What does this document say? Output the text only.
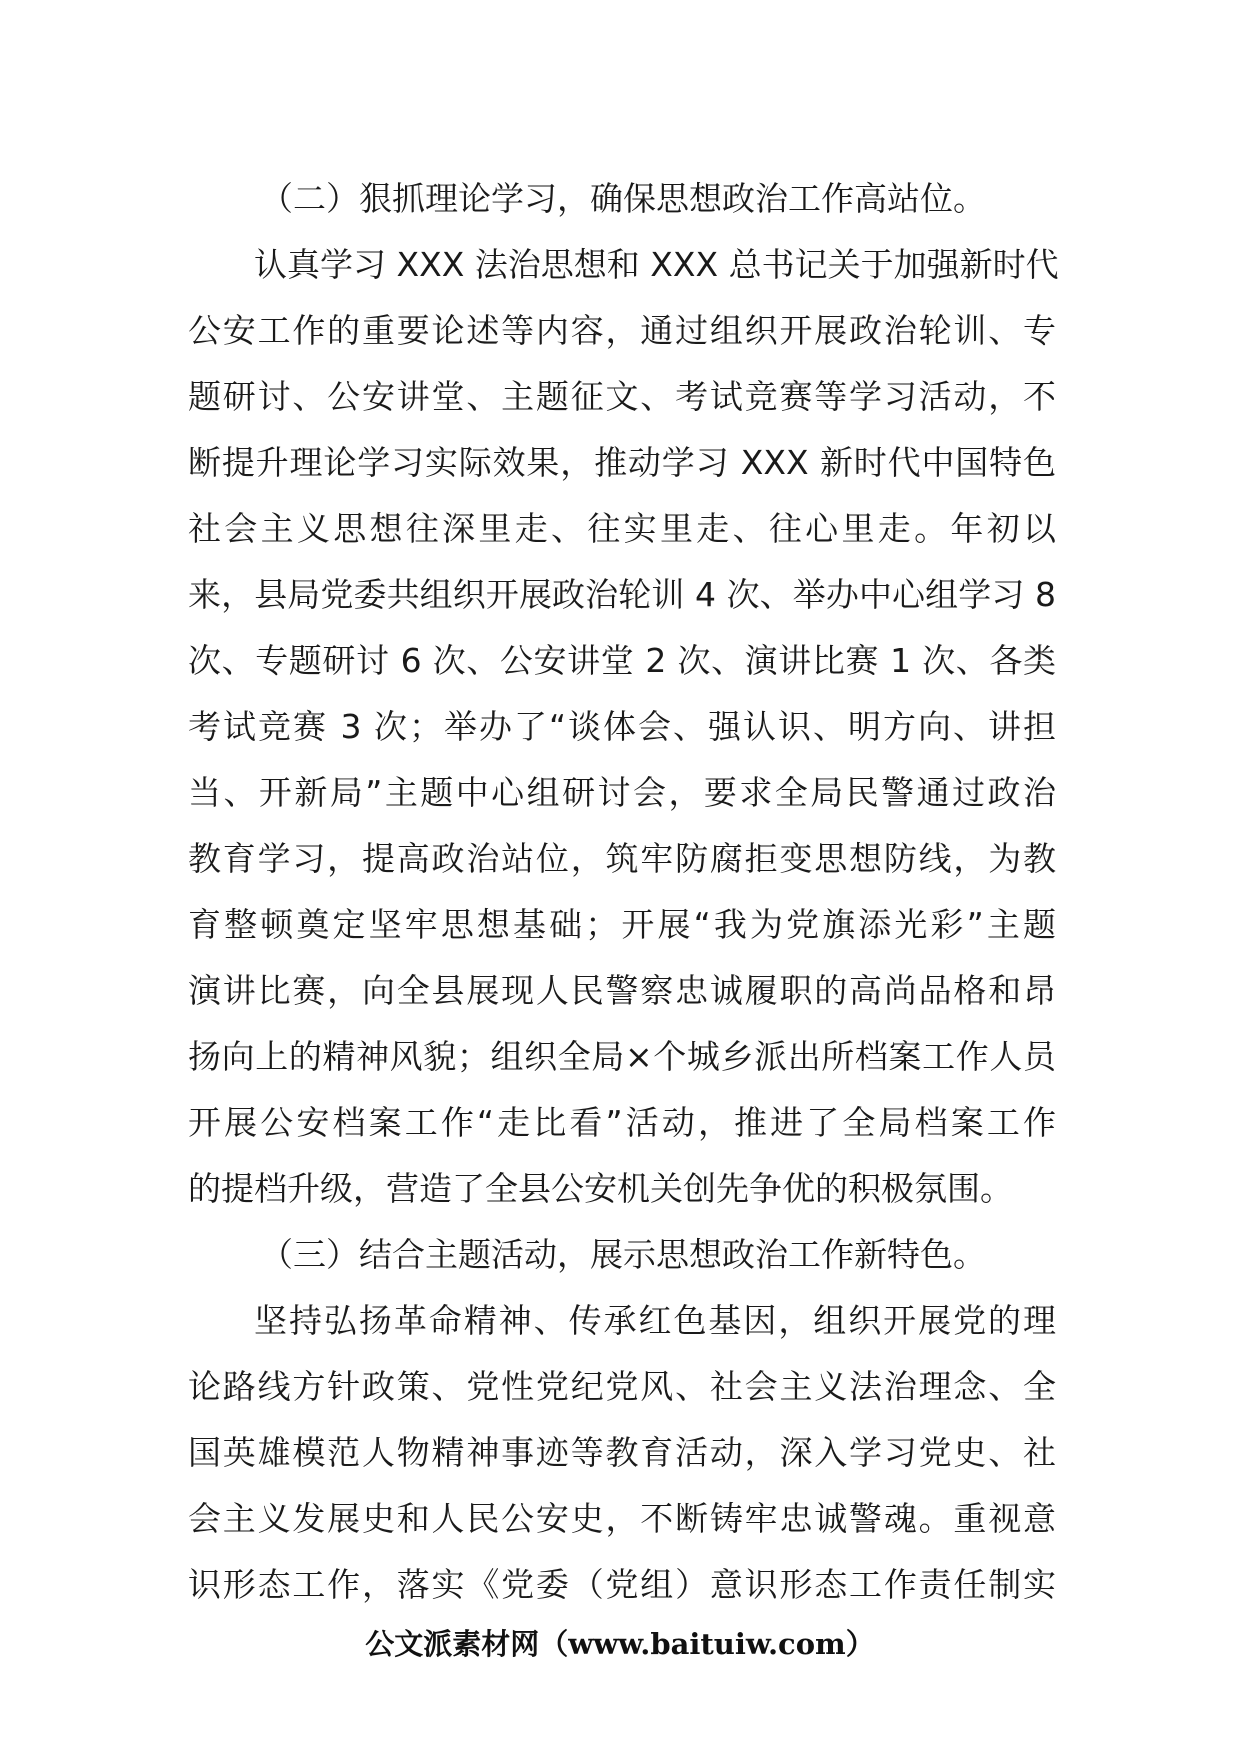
（二）狠抓理论学习，确保思想政治工作高站位。

认真学习 XXX 法治思想和 XXX 总书记关于加强新时代
公安工作的重要论述等内容，通过组织开展政治轮训、专
题研讨、公安讲堂、主题征文、考试竞赛等学习活动，不
断提升理论学习实际效果，推动学习 XXX 新时代中国特色
社会主义思想往深里走、往实里走、往心里走。年初以
来，县局党委共组织开展政治轮训 4 次、举办中心组学习 8
次、专题研讨 6 次、公安讲堂 2 次、演讲比赛 1 次、各类
考试竞赛 3 次；举办了“谈体会、强认识、明方向、讲担
当、开新局”主题中心组研讨会，要求全局民警通过政治
教育学习，提高政治站位，筑牢防腐拒变思想防线，为教
育整顿奠定坚牢思想基础；开展“我为党旗添光彩”主题
演讲比赛，向全县展现人民警察忠诚履职的高尚品格和昂
扬向上的精神风貌；组织全局×个城乡派出所档案工作人员
开展公安档案工作“走比看”活动，推进了全局档案工作
的提档升级，营造了全县公安机关创先争优的积极氛围。

（三）结合主题活动，展示思想政治工作新特色。

坚持弘扬革命精神、传承红色基因，组织开展党的理
论路线方针政策、党性党纪党风、社会主义法治理念、全
国英雄模范人物精神事迹等教育活动，深入学习党史、社
会主义发展史和人民公安史，不断铸牢忠诚警魂。重视意
识形态工作，落实《党委（党组）意识形态工作责任制实

公文派素材网（www.baituiw.com）
